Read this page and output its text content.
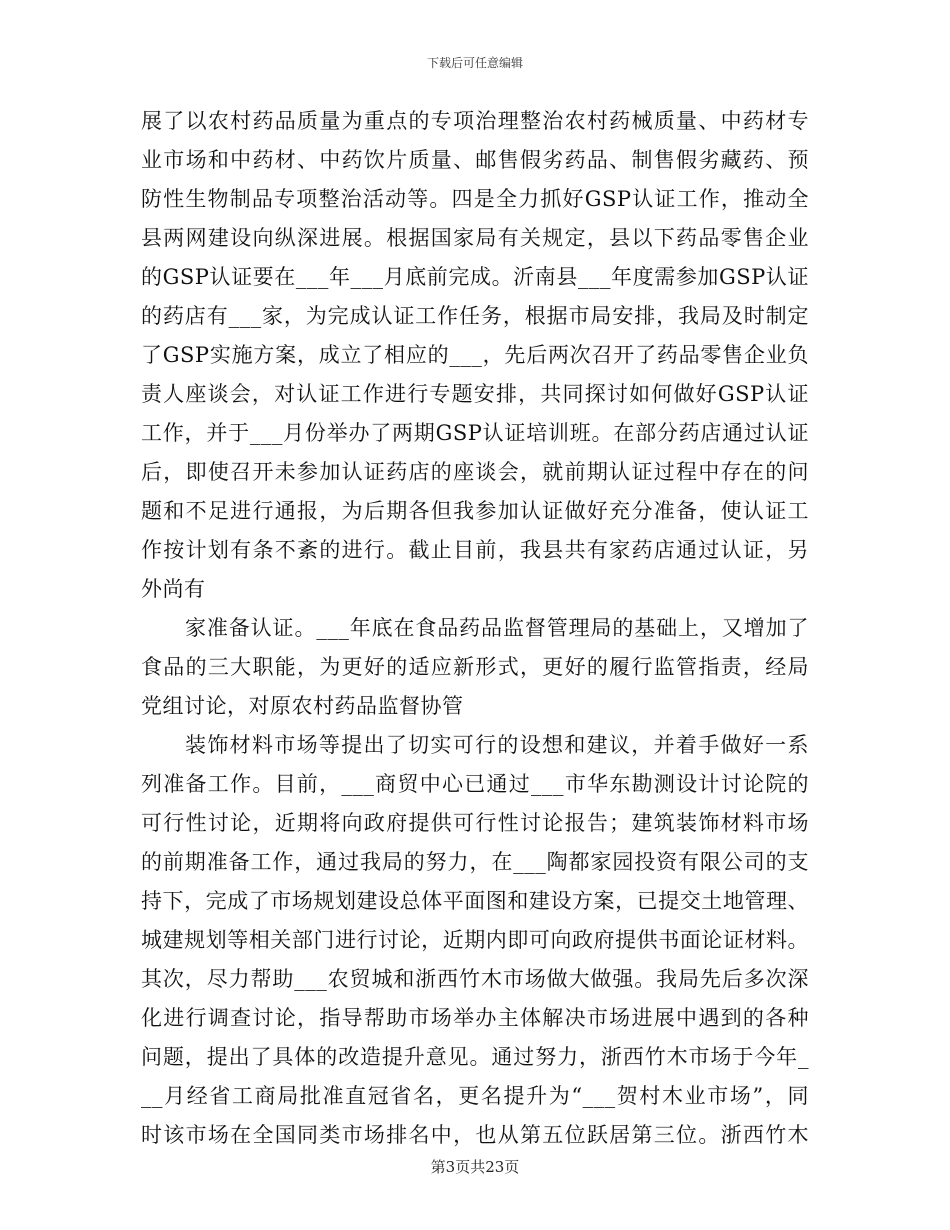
下载后可任意编辑
展了以农村药品质量为重点的专项治理整治农村药械质量、中药材专
业市场和中药材、中药饮片质量、邮售假劣药品、制售假劣藏药、预
防性生物制品专项整治活动等。四是全力抓好GSP认证工作，推动全
县两网建设向纵深进展。根据国家局有关规定，县以下药品零售企业
的GSP认证要在___年___月底前完成。沂南县___年度需参加GSP认证
的药店有___家，为完成认证工作任务，根据市局安排，我局及时制定
了GSP实施方案，成立了相应的___，先后两次召开了药品零售企业负
责人座谈会，对认证工作进行专题安排，共同探讨如何做好GSP认证
工作，并于___月份举办了两期GSP认证培训班。在部分药店通过认证
后，即使召开未参加认证药店的座谈会，就前期认证过程中存在的问
题和不足进行通报，为后期各但我参加认证做好充分准备，使认证工
作按计划有条不紊的进行。截止目前，我县共有家药店通过认证，另
外尚有
家准备认证。___年底在食品药品监督管理局的基础上，又增加了
食品的三大职能，为更好的适应新形式，更好的履行监管指责，经局
党组讨论，对原农村药品监督协管
装饰材料市场等提出了切实可行的设想和建议，并着手做好一系
列准备工作。目前，___商贸中心已通过___市华东勘测设计讨论院的
可行性讨论，近期将向政府提供可行性讨论报告；建筑装饰材料市场
的前期准备工作，通过我局的努力，在___陶都家园投资有限公司的支
持下，完成了市场规划建设总体平面图和建设方案，已提交土地管理、
城建规划等相关部门进行讨论，近期内即可向政府提供书面论证材料。
其次，尽力帮助___农贸城和浙西竹木市场做大做强。我局先后多次深
化进行调查讨论，指导帮助市场举办主体解决市场进展中遇到的各种
问题，提出了具体的改造提升意见。通过努力，浙西竹木市场于今年_
__月经省工商局批准直冠省名，更名提升为“___贺村木业市场”，同
时该市场在全国同类市场排名中，也从第五位跃居第三位。浙西竹木
第3页共23页
